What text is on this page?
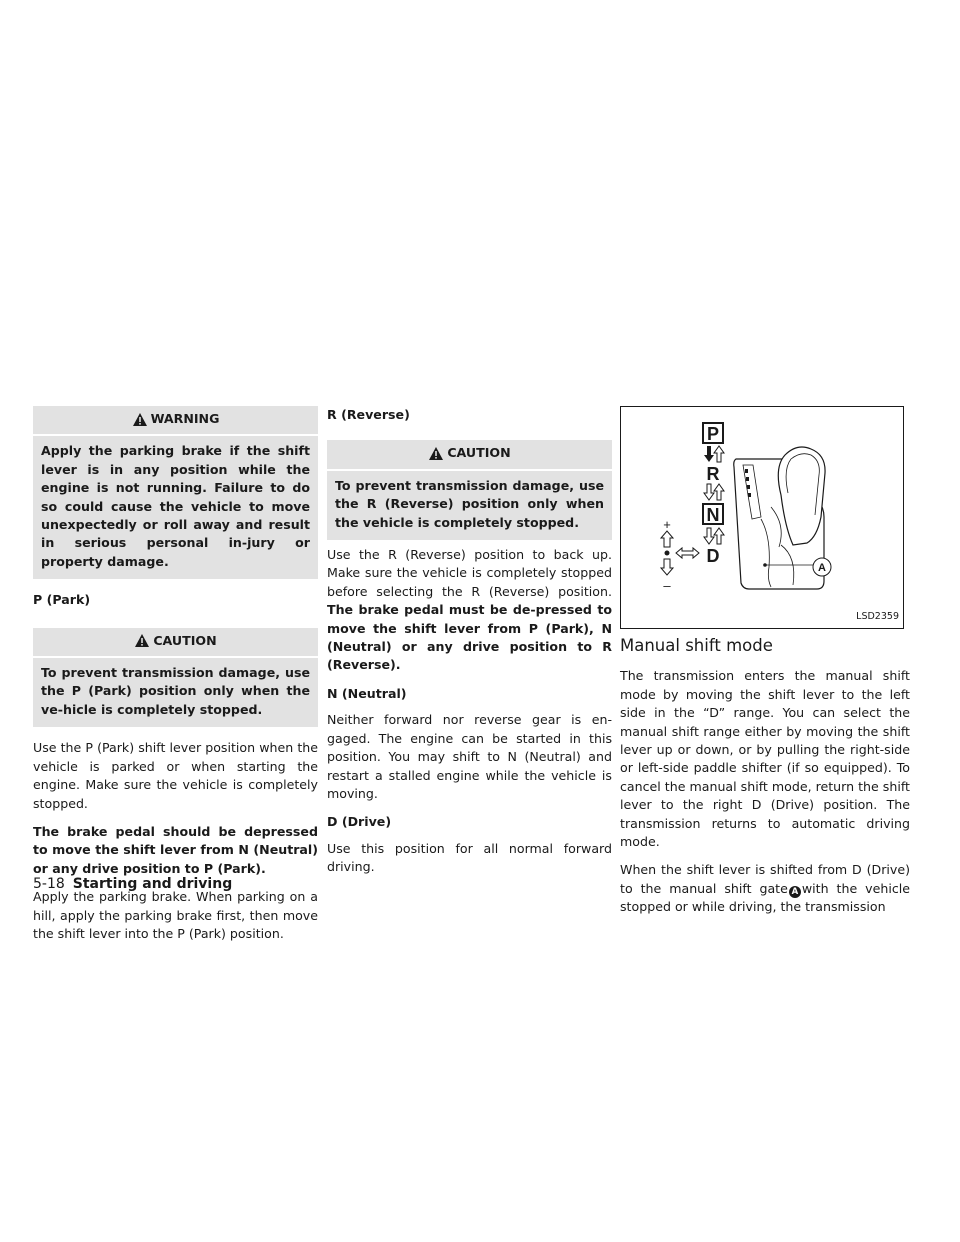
WARNING
Apply the parking brake if the shift lever is in any position while the engine is not running. Failure to do so could cause the vehicle to move unexpectedly or roll away and result in serious personal in-jury or property damage.
P (Park)
CAUTION
To prevent transmission damage, use the P (Park) position only when the ve-hicle is completely stopped.

Use the P (Park) shift lever position when the vehicle is parked or when starting the engine. Make sure the vehicle is completely stopped.

The brake pedal should be depressed to move the shift lever from N (Neutral) or any drive position to P (Park).

Apply the parking brake. When parking on a hill, apply the parking brake first, then move the shift lever into the P (Park) position.

R (Reverse)
CAUTION
To prevent transmission damage, use the R (Reverse) position only when the vehicle is completely stopped.

Use the R (Reverse) position to back up. Make sure the vehicle is completely stopped before selecting the R (Reverse) position. The brake pedal must be de-pressed to move the shift lever from P (Park), N (Neutral) or any drive position to R (Reverse).

N (Neutral)

Neither forward nor reverse gear is en-gaged. The engine can be started in this position. You may shift to N (Neutral) and restart a stalled engine while the vehicle is moving.

D (Drive)

Use this position for all normal forward driving.

P
R
N
D
+
–
A
LSD2359
Manual shift mode

The transmission enters the manual shift mode by moving the shift lever to the left side in the “D” range. You can select the manual shift range either by moving the shift lever up or down, or by pulling the right-side or left-side paddle shifter (if so equipped). To cancel the manual shift mode, return the shift lever to the right D (Drive) position. The transmission returns to automatic driving mode.

When the shift lever is shifted from D (Drive) to the manual shift gate A with the vehicle stopped or while driving, the transmission

5-18 Starting and driving
